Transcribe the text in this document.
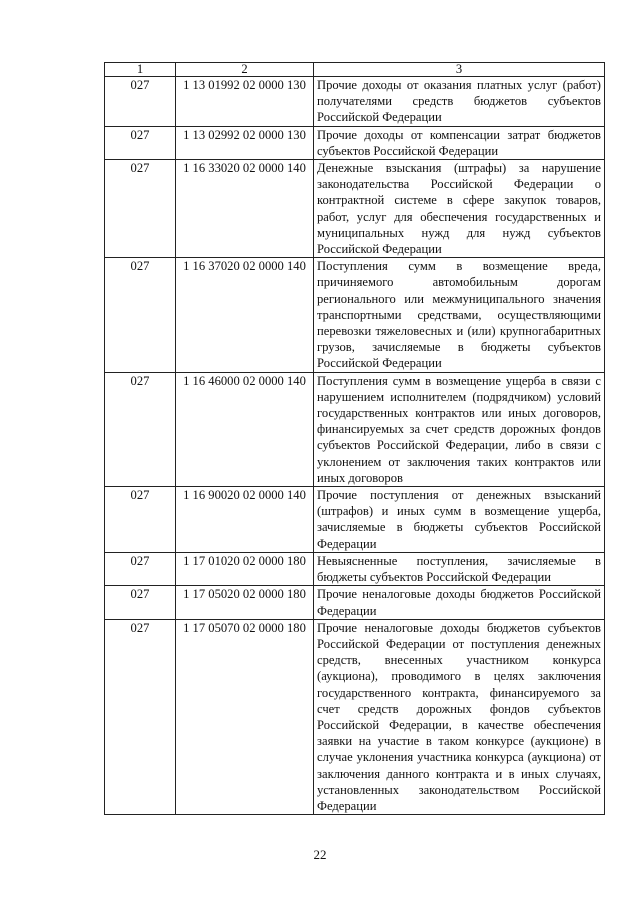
1	2	3
027	1 13 01992 02 0000 130	Прочие доходы от оказания платных услуг (работ) получателями средств бюджетов субъектов Российской Федерации
027	1 13 02992 02 0000 130	Прочие доходы от компенсации затрат бюджетов субъектов Российской Федерации
027	1 16 33020 02 0000 140	Денежные взыскания (штрафы) за нарушение законодательства Российской Федерации о контрактной системе в сфере закупок товаров, работ, услуг для обеспечения государственных и муниципальных нужд для нужд субъектов Российской Федерации
027	1 16 37020 02 0000 140	Поступления сумм в возмещение вреда, причиняемого автомобильным дорогам регионального или межмуниципального значения транспортными средствами, осуществляющими перевозки тяжеловесных и (или) крупногабаритных грузов, зачисляемые в бюджеты субъектов Российской Федерации
027	1 16 46000 02 0000 140	Поступления сумм в возмещение ущерба в связи с нарушением исполнителем (подрядчиком) условий государственных контрактов или иных договоров, финансируемых за счет средств дорожных фондов субъектов Российской Федерации, либо в связи с уклонением от заключения таких контрактов или иных договоров
027	1 16 90020 02 0000 140	Прочие поступления от денежных взысканий (штрафов) и иных сумм в возмещение ущерба, зачисляемые в бюджеты субъектов Российской Федерации
027	1 17 01020 02 0000 180	Невыясненные поступления, зачисляемые в бюджеты субъектов Российской Федерации
027	1 17 05020 02 0000 180	Прочие неналоговые доходы бюджетов Российской Федерации
027	1 17 05070 02 0000 180	Прочие неналоговые доходы бюджетов субъектов Российской Федерации от поступления денежных средств, внесенных участником конкурса (аукциона), проводимого в целях заключения государственного контракта, финансируемого за счет средств дорожных фондов субъектов Российской Федерации, в качестве обеспечения заявки на участие в таком конкурсе (аукционе) в случае уклонения участника конкурса (аукциона) от заключения данного контракта и в иных случаях, установленных законодательством Российской Федерации
22
